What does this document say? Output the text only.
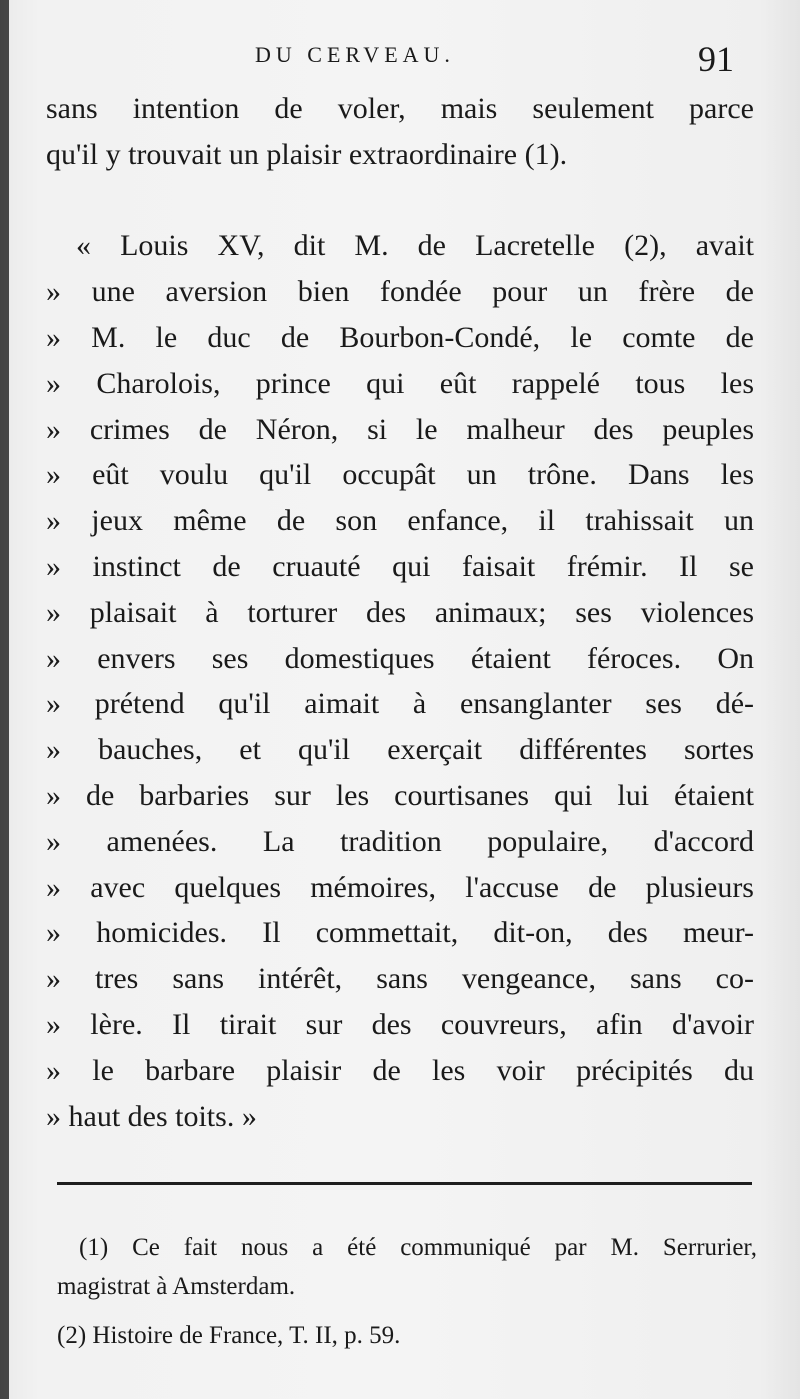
DU CERVEAU.	91
sans intention de voler, mais seulement parce
qu'il y trouvait un plaisir extraordinaire (1).
« Louis XV, dit M. de Lacretelle (2), avait
» une aversion bien fondée pour un frère de
» M. le duc de Bourbon-Condé, le comte de
» Charolois, prince qui eût rappelé tous les
» crimes de Néron, si le malheur des peuples
» eût voulu qu'il occupât un trône. Dans les
» jeux même de son enfance, il trahissait un
» instinct de cruauté qui faisait frémir. Il se
» plaisait à torturer des animaux; ses violences
» envers ses domestiques étaient féroces. On
» prétend qu'il aimait à ensanglanter ses dé-
» bauches, et qu'il exerçait différentes sortes
» de barbaries sur les courtisanes qui lui étaient
» amenées. La tradition populaire, d'accord
» avec quelques mémoires, l'accuse de plusieurs
» homicides. Il commettait, dit-on, des meur-
» tres sans intérêt, sans vengeance, sans co-
» lère. Il tirait sur des couvreurs, afin d'avoir
» le barbare plaisir de les voir précipités du
» haut des toits. »
(1) Ce fait nous a été communiqué par M. Serrurier,
magistrat à Amsterdam.
(2) Histoire de France, T. II, p. 59.
